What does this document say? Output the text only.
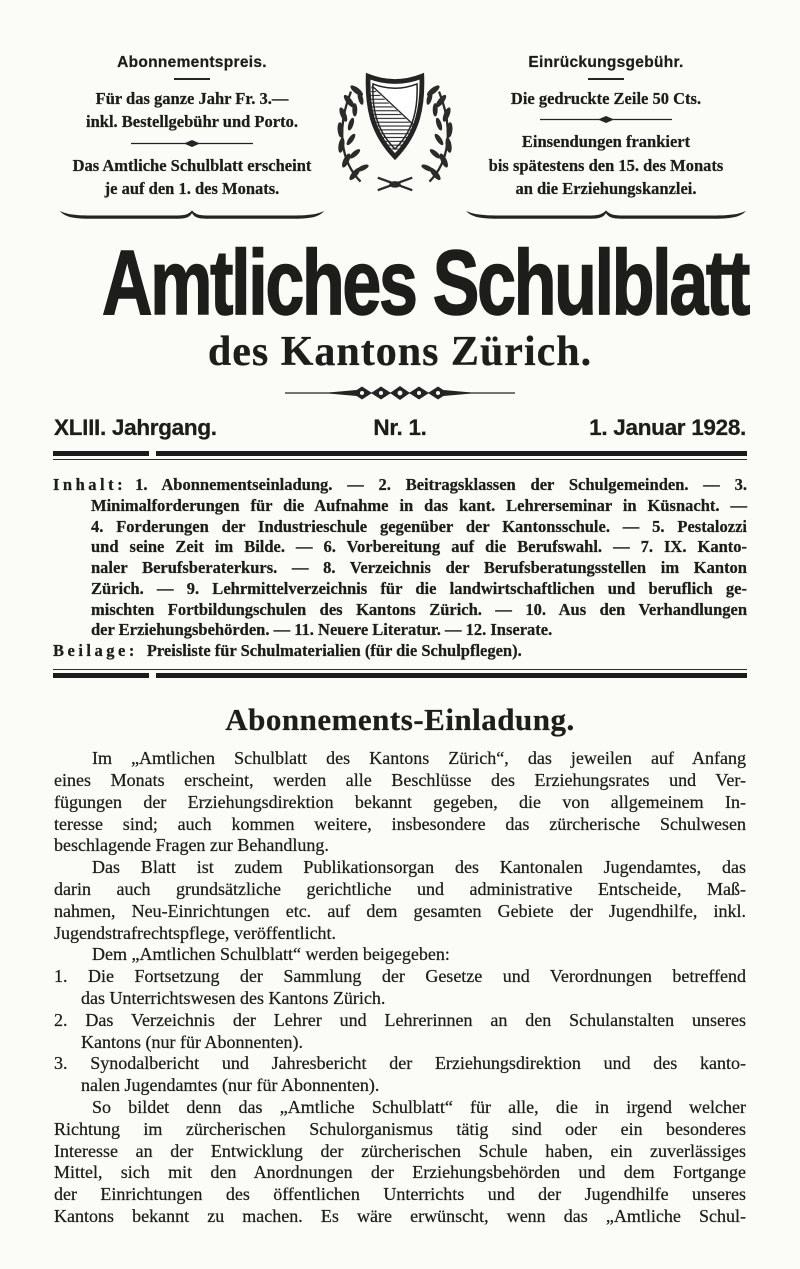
Abonnementspreis.
Für das ganze Jahr Fr. 3.—
inkl. Bestellgebühr und Porto.
Das Amtliche Schulblatt erscheint
je auf den 1. des Monats.
Einrückungsgebühr.
Die gedruckte Zeile 50 Cts.
Einsendungen frankiert
bis spätestens den 15. des Monats
an die Erziehungskanzlei.
Amtliches Schulblatt
des Kantons Zürich.
XLIII. Jahrgang.	Nr. 1.	1. Januar 1928.
Inhalt: 1. Abonnementseinladung. — 2. Beitragsklassen der Schulgemeinden. — 3.
Minimalforderungen für die Aufnahme in das kant. Lehrerseminar in Küsnacht. —
4. Forderungen der Industrieschule gegenüber der Kantonsschule. — 5. Pestalozzi
und seine Zeit im Bilde. — 6. Vorbereitung auf die Berufswahl. — 7. IX. Kanto-
naler Berufsberaterkurs. — 8. Verzeichnis der Berufsberatungsstellen im Kanton
Zürich. — 9. Lehrmittelverzeichnis für die landwirtschaftlichen und beruflich ge-
mischten Fortbildungschulen des Kantons Zürich. — 10. Aus den Verhandlungen
der Erziehungsbehörden. — 11. Neuere Literatur. — 12. Inserate.
Beilage: Preisliste für Schulmaterialien (für die Schulpflegen).
Abonnements-Einladung.
Im „Amtlichen Schulblatt des Kantons Zürich“, das jeweilen auf Anfang
eines Monats erscheint, werden alle Beschlüsse des Erziehungsrates und Ver-
fügungen der Erziehungsdirektion bekannt gegeben, die von allgemeinem In-
teresse sind; auch kommen weitere, insbesondere das zürcherische Schulwesen
beschlagende Fragen zur Behandlung.
Das Blatt ist zudem Publikationsorgan des Kantonalen Jugendamtes, das
darin auch grundsätzliche gerichtliche und administrative Entscheide, Maß-
nahmen, Neu-Einrichtungen etc. auf dem gesamten Gebiete der Jugendhilfe, inkl.
Jugendstrafrechtspflege, veröffentlicht.
Dem „Amtlichen Schulblatt“ werden beigegeben:
1. Die Fortsetzung der Sammlung der Gesetze und Verordnungen betreffend
das Unterrichtswesen des Kantons Zürich.
2. Das Verzeichnis der Lehrer und Lehrerinnen an den Schulanstalten unseres
Kantons (nur für Abonnenten).
3. Synodalbericht und Jahresbericht der Erziehungsdirektion und des kanto-
nalen Jugendamtes (nur für Abonnenten).
So bildet denn das „Amtliche Schulblatt“ für alle, die in irgend welcher
Richtung im zürcherischen Schulorganismus tätig sind oder ein besonderes
Interesse an der Entwicklung der zürcherischen Schule haben, ein zuverlässiges
Mittel, sich mit den Anordnungen der Erziehungsbehörden und dem Fortgange
der Einrichtungen des öffentlichen Unterrichts und der Jugendhilfe unseres
Kantons bekannt zu machen. Es wäre erwünscht, wenn das „Amtliche Schul-
